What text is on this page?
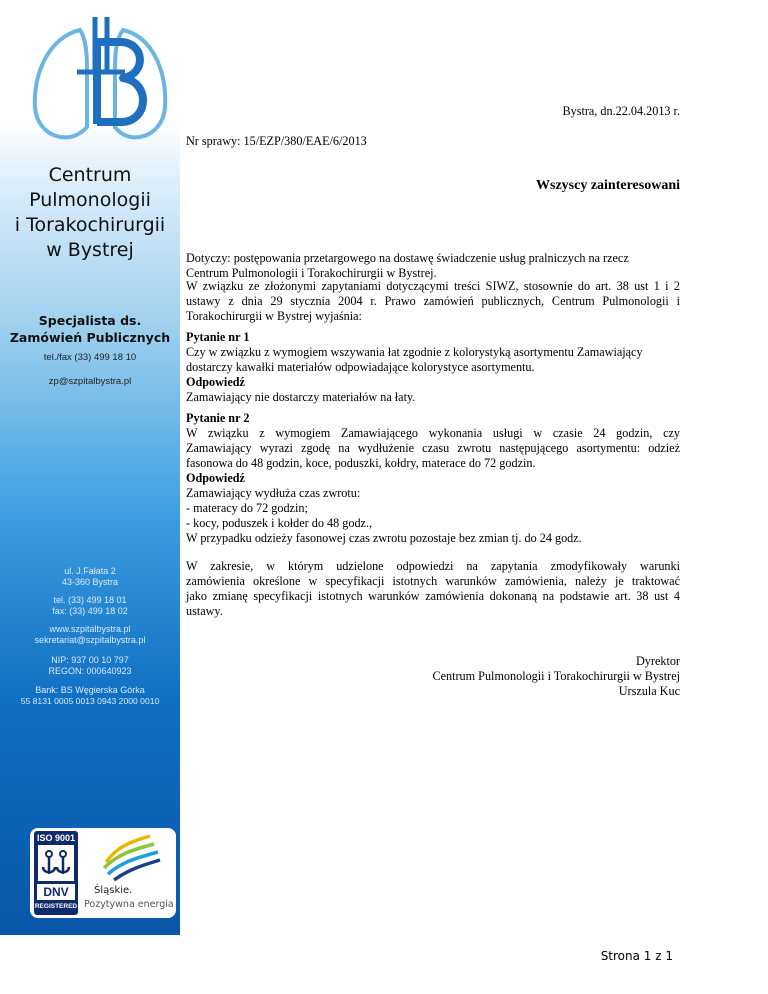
Centrum
Pulmonologii
i Torakochirurgii
w Bystrej
Specjalista ds.
Zamówień Publicznych
tel./fax (33) 499 18 10
zp@szpitalbystra.pl
ul. J.Fałata 2
43-360 Bystra
tel. (33) 499 18 01
fax: (33) 499 18 02
www.szpitalbystra.pl
sekretariat@szpitalbystra.pl
NIP: 937 00 10 797
REGON: 000640923
Bank: BS Węgierska Górka
55 8131 0005 0013 0943 2000 0010
ISO 9001
DNV
REGISTERED
Śląskie.
Pozytywna energia
Bystra, dn.22.04.2013 r.
Nr sprawy: 15/EZP/380/EAE/6/2013
Wszyscy zainteresowani
Dotyczy: postępowania przetargowego na dostawę świadczenie usług pralniczych na rzecz
Centrum Pulmonologii i Torakochirurgii w Bystrej.
W związku ze złożonymi zapytaniami dotyczącymi treści SIWZ, stosownie do art. 38 ust 1 i 2
ustawy z dnia 29 stycznia 2004 r. Prawo zamówień publicznych, Centrum Pulmonologii i
Torakochirurgii w Bystrej wyjaśnia:
Pytanie nr 1
Czy w związku z wymogiem wszywania łat zgodnie z kolorystyką asortymentu Zamawiający
dostarczy kawałki materiałów odpowiadające kolorystyce asortymentu.
Odpowiedź
Zamawiający nie dostarczy materiałów na łaty.
Pytanie nr 2
W związku z wymogiem Zamawiającego wykonania usługi w czasie 24 godzin, czy
Zamawiający wyrazi zgodę na wydłużenie czasu zwrotu następującego asortymentu: odzież
fasonowa do 48 godzin, koce, poduszki, kołdry, materace do 72 godzin.
Odpowiedź
Zamawiający wydłuża czas zwrotu:
- materacy do 72 godzin;
- kocy, poduszek i kołder do 48 godz.,
W przypadku odzieży fasonowej czas zwrotu pozostaje bez zmian tj. do 24 godz.
W zakresie, w którym udzielone odpowiedzi na zapytania zmodyfikowały warunki
zamówienia określone w specyfikacji istotnych warunków zamówienia, należy je traktować
jako zmianę specyfikacji istotnych warunków zamówienia dokonaną na podstawie art. 38 ust 4
ustawy.
Dyrektor
Centrum Pulmonologii i Torakochirurgii w Bystrej
Urszula Kuc
Strona 1 z 1
